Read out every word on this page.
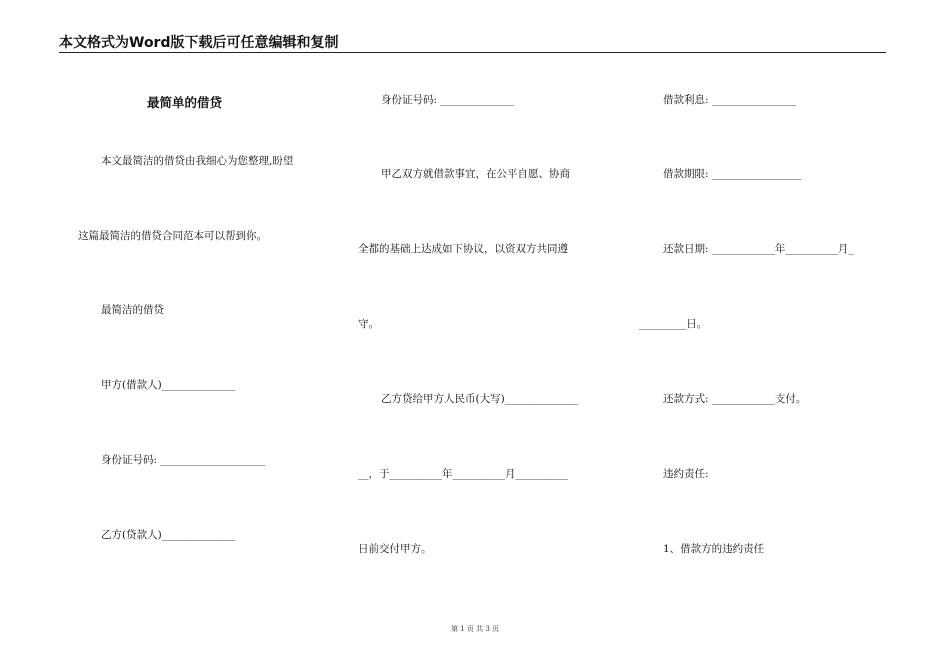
本文格式为Word版下载后可任意编辑和复制
最简单的借贷
本文最简洁的借贷由我细心为您整理,盼望
这篇最简洁的借贷合同范本可以帮到你。
最简洁的借贷
甲方(借款人)______________
身份证号码: ____________________
乙方(贷款人)______________
身份证号码: ______________
甲乙双方就借款事宜，在公平自愿、协商
全都的基础上达成如下协议，以资双方共同遵
守。
乙方贷给甲方人民币(大写)______________
__，于__________年__________月__________
日前交付甲方。
借款利息: ________________
借款期限: _________________
还款日期: ____________年__________月_
_________日。
还款方式: ____________支付。
违约责任:
1、借款方的违约责任
第 1 页 共 3 页
